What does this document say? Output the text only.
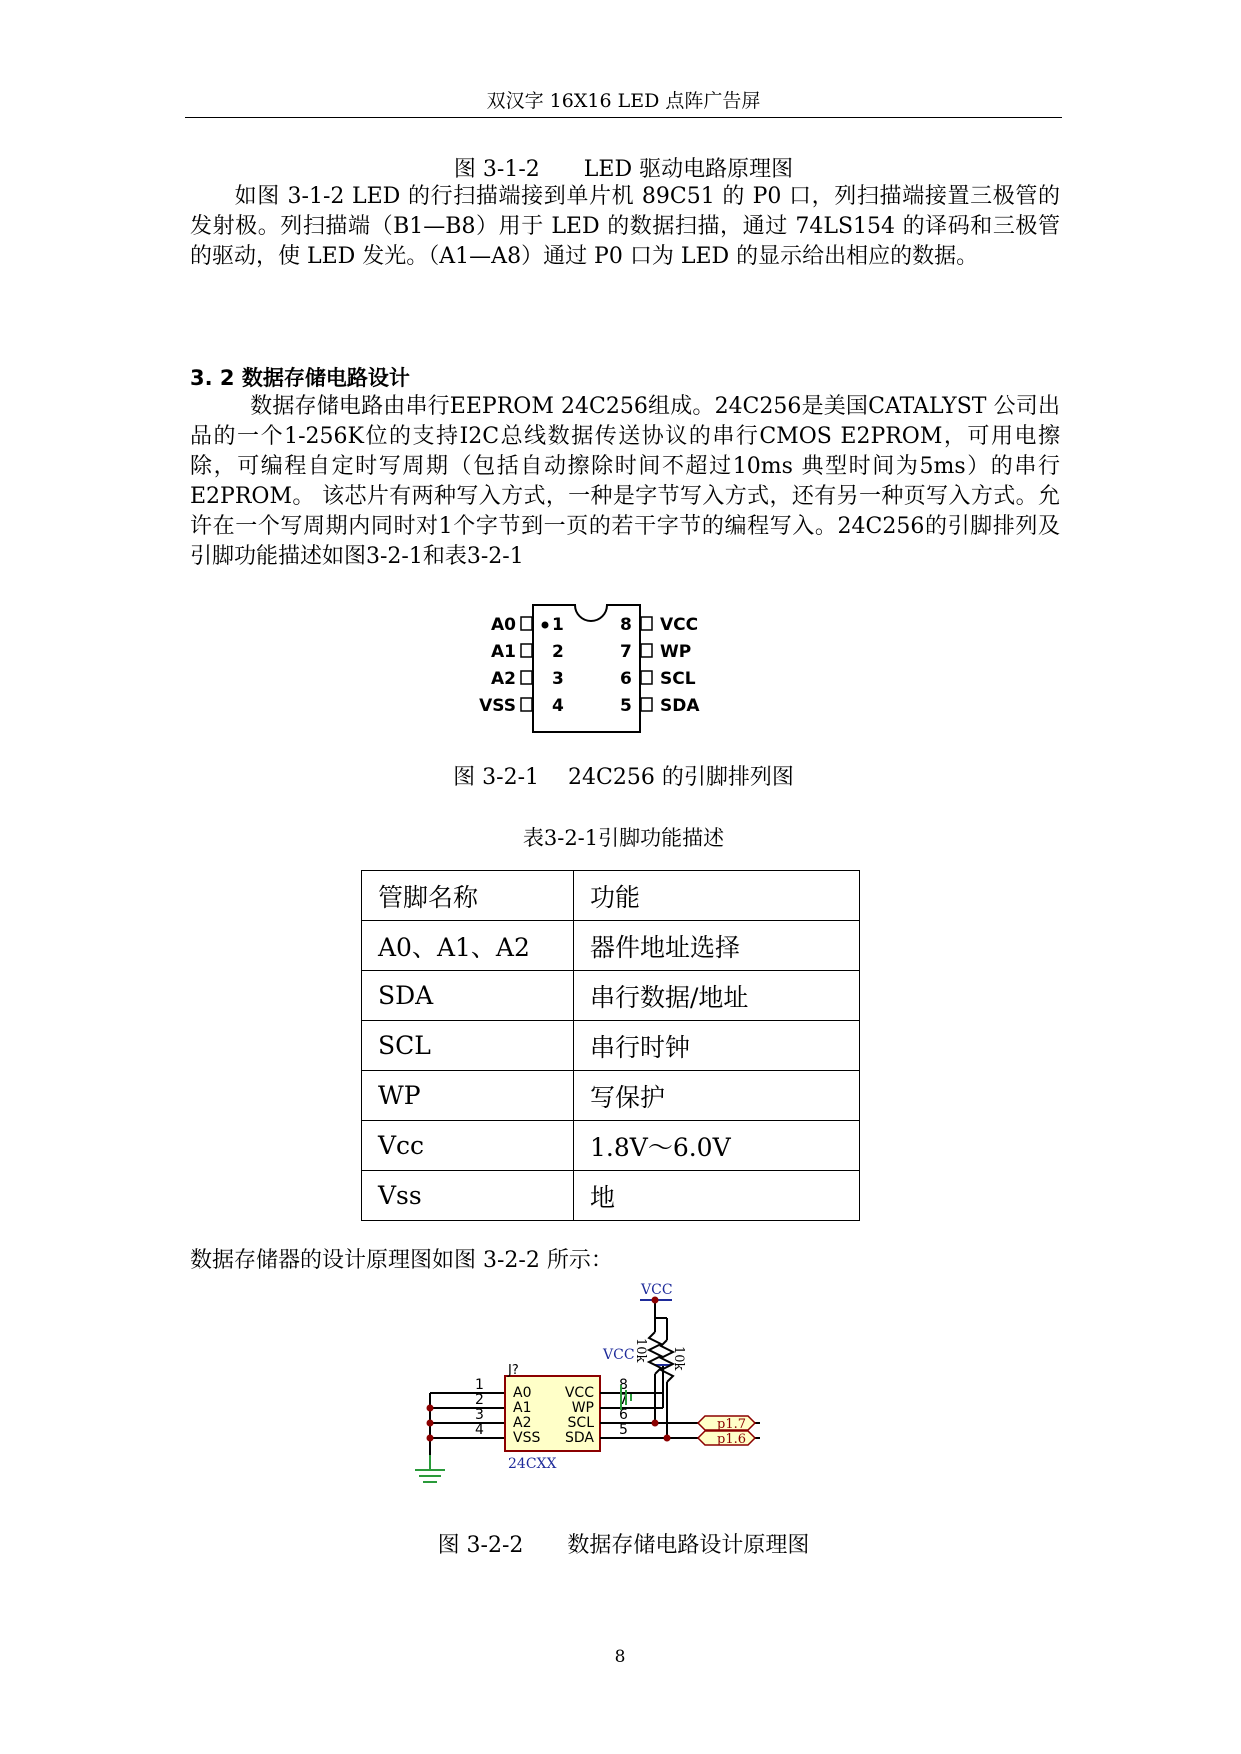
双汉字 16X16 LED 点阵广告屏
图 3-1-2　　LED 驱动电路原理图
如图 3-1-2 LED 的行扫描端接到单片机 89C51 的 P0 口，列扫描端接置三极管的发射极。列扫描端（B1—B8）用于 LED 的数据扫描，通过 74LS154 的译码和三极管的驱动，使 LED 发光。（A1—A8）通过 P0 口为 LED 的显示给出相应的数据。
3. 2 数据存储电路设计
数据存储电路由串行EEPROM 24C256组成。24C256是美国CATALYST 公司出品的一个1-256K位的支持I2C总线数据传送协议的串行CMOS E2PROM，可用电擦除，可编程自定时写周期（包括自动擦除时间不超过10ms 典型时间为5ms）的串行E2PROM。 该芯片有两种写入方式，一种是字节写入方式，还有另一种页写入方式。允许在一个写周期内同时对1个字节到一页的若干字节的编程写入。24C256的引脚排列及引脚功能描述如图3-2-1和表3-2-1
A0
A1
A2
VSS
1
2
3
4
8
7
6
5
VCC
WP
SCL
SDA
图 3-2-1　 24C256 的引脚排列图
表3-2-1引脚功能描述
管脚名称	功能
A0、A1、A2	器件地址选择
SDA	串行数据/地址
SCL	串行时钟
WP	写保护
Vcc	1.8V～6.0V
Vss	地
数据存储器的设计原理图如图 3-2-2 所示：
1
2
3
4
A0
A1
A2
VSS
VCC
WP
SCL
SDA
8
7
6
5
J?
24CXX
VCC
VCC
10k 10k
p1.7
p1.6
图 3-2-2　　数据存储电路设计原理图
8
